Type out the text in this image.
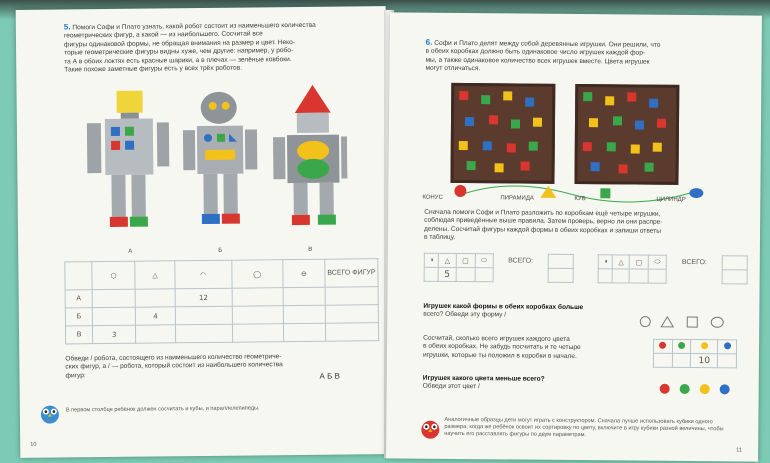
5. Помоги Софи и Плато узнать, какой робот состоит из наименьшего количества
геометрических фигур, а какой — из наибольшего. Сосчитай все
фигуры одинаковой формы, не обращая внимания на размер и цвет. Неко-
торые геометрические фигуры видны хуже, чем другие: например, у робо-
та А в обоих локтях есть красные шарики, а в плечах — зелёные ковбоки.
Такие похоже заметные фигуры есть у всех трёх роботов.
А	Б	В
	⬡	△	◠	◯	⊖	ВСЕГО ФИГУР
А			12			
Б		4				
В	3					
Обведи / робота, состоящего из наименьшего количество геометриче-
ских фигур, а / — робота, который состоит из наибольшего количества
фигур:	А Б В
В первом столбце ребёнок должен сосчитать и кубы, и параллелепипеды.
10
6. Софи и Плато делят между собой деревянные игрушки. Они решили, что
в обеих коробках должно быть одинаковое число игрушек каждой фор-
мы, а также одинаковое количество всех игрушек вместе. Цвета игрушек
могут отличаться.
КОНУС	ПИРАМИДА	КУБ	ЦИЛИНДР
Сначала помоги Софи и Плато разложить по коробкам ещё четыре игрушки,
соблюдая приведённые выше правила. Затем проверь, верно ли они распре-
делены. Сосчитай фигуры каждой формы в обеих коробках и запиши ответы
в таблицу.
◑	△	▢	⬭	ВСЕГО:	
	5				
◑	△	▢	⬭	ВСЕГО:	

Игрушек какой формы в обеих коробках больше
всего? Обведи эту форму /
Сосчитай, сколько всего игрушек каждого цвета
в обеих коробках. Не забудь посчитать и те четыре
игрушки, которые ты положил в коробки в начале.

			10	
Игрушек какого цвета меньше всего?
Обведи этот цвет /
Аналогичные образцы дети могут играть с конструктором. Сначала лучше использовать кубики одного
размера, когда же ребёнок освоит их сортировку по цвету, включите в игру кубики разной величины, чтобы
научить его расставлять фигуры по двум параметрам.
11
